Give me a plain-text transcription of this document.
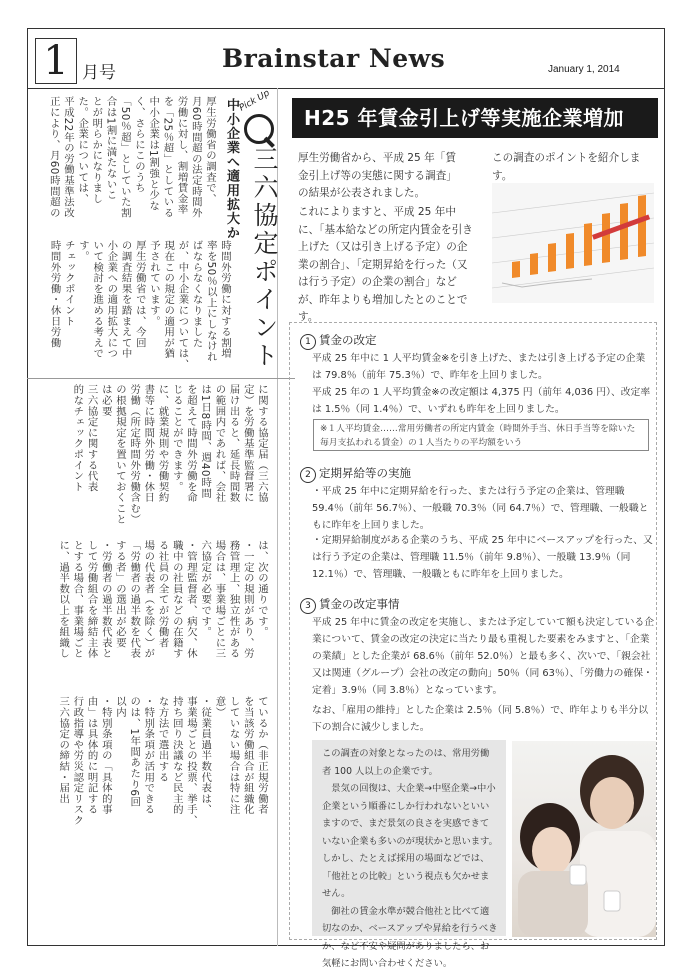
1 月号	Brainstar News	January 1, 2014
中小企業へ適用拡大か
Pick Up
三六協定ポイント
厚生労働省の調査で、
月60時間超の法定時間外
労働に対し、割増賃金率
を「25％超」としている
中小企業は1割強と少な
く、さらにこのうち
「50％超」としていた割
合は1割に満たないこ
とが明らかになりまし
た。企業については、
平成22年の労働基準法改
正により、月60時間超の
時間外労働に対する割増
率を50％以上にしなけれ
ばならなくなりました
が、中小企業については、
現在この規定の適用が猶
予されています。
厚生労働省では、今回
の調査結果を踏まえて中
小企業への適用拡大につ
いて検討を進める考えで
す。
チェックポイント
時間外労働・休日労働
に関する協定届（三六協
定）を労働基準監督署に
届け出ると、延長時間数
の範囲内であれば、会社
は1日8時間、週40時間
を超えて時間外労働を命
じることができます。
に、就業規則や労働契約
書等に時間外労働・休日
労働（所定時間外労働含む）
の根拠規定を置いておくことは必要
三六協定に関する代表
的なチェックポイント
は、次の通りです。
・一定の規則があり、労
務管理上、独立性がある
場合は、事業場ごとに三
六協定が必要です。
・管理監督者、病欠、休
職中の社員などの在籍す
る社員の全てが労働者
場の代表者（を除く）が
「労働者の過半数を代表
する者」の選出が必要
・労働者の過半数代表と
して労働組合を締結主体
とする場合、事業場ごと
に、過半数以上を組織し
ているか（非正規労働者
を当該労働組合が組織化
していない場合は特に注
意）
・従業員過半数代表は、
事業場ごとの投票、挙手、
持ち回り決議など民主的
な方法で選出する
・特別条項が活用できる
のは、1年間あたり6回
以内
・特別条項の「具体的事
由」は具体的に明記する
行政指導や労災認定リスク
三六協定の締結・届出
H25 年賃金引上げ等実施企業増加
厚生労働省から、平成 25 年「賃金引上げ等の実態に関する調査」の結果が公表されました。
これによりますと、平成 25 年中に、「基本給などの所定内賃金を引き上げた（又は引き上げる予定）の企業の割合」、「定期昇給を行った（又は行う予定）の企業の割合」などが、昨年よりも増加したとのことです。
この調査のポイントを紹介します。
1 賃金の改定
平成 25 年中に 1 人平均賃金※を引き上げた、または引き上げる予定の企業は 79.8％（前年 75.3％）で、昨年を上回りました。
平成 25 年の 1 人平均賃金※の改定額は 4,375 円（前年 4,036 円）、改定率は 1.5％（同 1.4％）で、いずれも昨年を上回りました。
※１人平均賃金……常用労働者の所定内賃金（時間外手当、休日手当等を除いた毎月支払われる賃金）の１人当たりの平均額をいう
2 定期昇給等の実施
・平成 25 年中に定期昇給を行った、または行う予定の企業は、管理職 59.4％（前年 56.7％）、一般職 70.3％（同 64.7％）で、管理職、一般職ともに昨年を上回りました。
・定期昇給制度がある企業のうち、平成 25 年中にベースアップを行った、又は行う予定の企業は、管理職 11.5％（前年 9.8％）、一般職 13.9％（同 12.1％）で、管理職、一般職ともに昨年を上回りました。
3 賃金の改定事情
平成 25 年中に賃金の改定を実施し、または予定していて額も決定している企業について、賃金の改定の決定に当たり最も重視した要素をみますと、「企業の業績」とした企業が 68.6％（前年 52.0％）と最も多く、次いで、「親会社又は関連（グループ）会社の改定の動向」50％（同 63％）、「労働力の確保・定着」3.9％（同 3.8％）となっています。
なお、「雇用の維持」とした企業は 2.5％（同 5.8％）で、昨年よりも半分以下の割合に減少しました。

この調査の対象となったのは、常用労働者 100 人以上の企業です。

景気の回復は、大企業→中堅企業→中小企業という順番にしか行われないといいますので、まだ景気の良さを実感できていない企業も多いのが現状かと思います。しかし、たとえば採用の場面などでは、「他社との比較」という視点も欠かせません。

御社の賃金水準が競合他社と比べて適切なのか、ベースアップや昇給を行うべきか、など不安や疑問がありましたら、お気軽にお問い合わせください。
